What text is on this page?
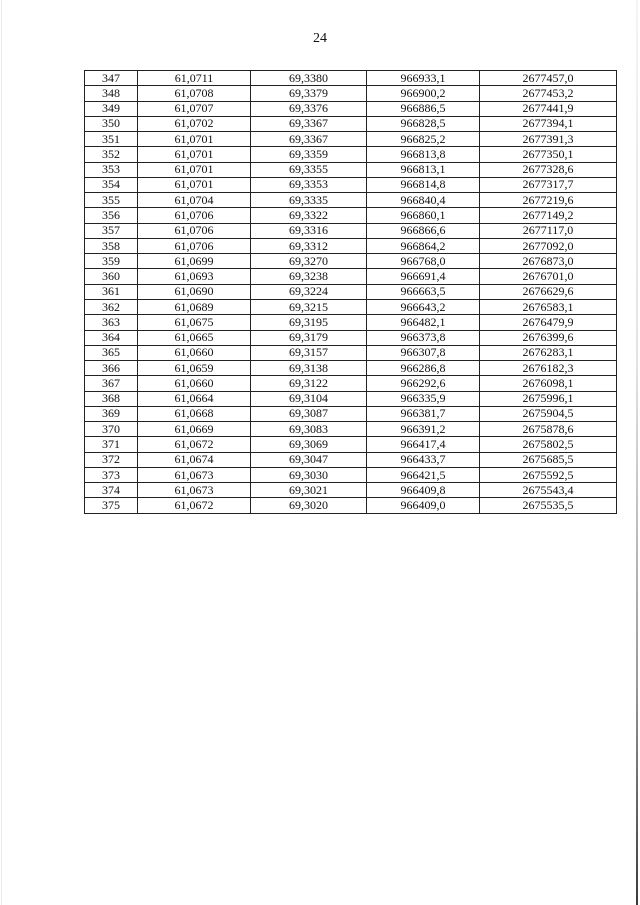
24
347	61,0711	69,3380	966933,1	2677457,0
348	61,0708	69,3379	966900,2	2677453,2
349	61,0707	69,3376	966886,5	2677441,9
350	61,0702	69,3367	966828,5	2677394,1
351	61,0701	69,3367	966825,2	2677391,3
352	61,0701	69,3359	966813,8	2677350,1
353	61,0701	69,3355	966813,1	2677328,6
354	61,0701	69,3353	966814,8	2677317,7
355	61,0704	69,3335	966840,4	2677219,6
356	61,0706	69,3322	966860,1	2677149,2
357	61,0706	69,3316	966866,6	2677117,0
358	61,0706	69,3312	966864,2	2677092,0
359	61,0699	69,3270	966768,0	2676873,0
360	61,0693	69,3238	966691,4	2676701,0
361	61,0690	69,3224	966663,5	2676629,6
362	61,0689	69,3215	966643,2	2676583,1
363	61,0675	69,3195	966482,1	2676479,9
364	61,0665	69,3179	966373,8	2676399,6
365	61,0660	69,3157	966307,8	2676283,1
366	61,0659	69,3138	966286,8	2676182,3
367	61,0660	69,3122	966292,6	2676098,1
368	61,0664	69,3104	966335,9	2675996,1
369	61,0668	69,3087	966381,7	2675904,5
370	61,0669	69,3083	966391,2	2675878,6
371	61,0672	69,3069	966417,4	2675802,5
372	61,0674	69,3047	966433,7	2675685,5
373	61,0673	69,3030	966421,5	2675592,5
374	61,0673	69,3021	966409,8	2675543,4
375	61,0672	69,3020	966409,0	2675535,5
